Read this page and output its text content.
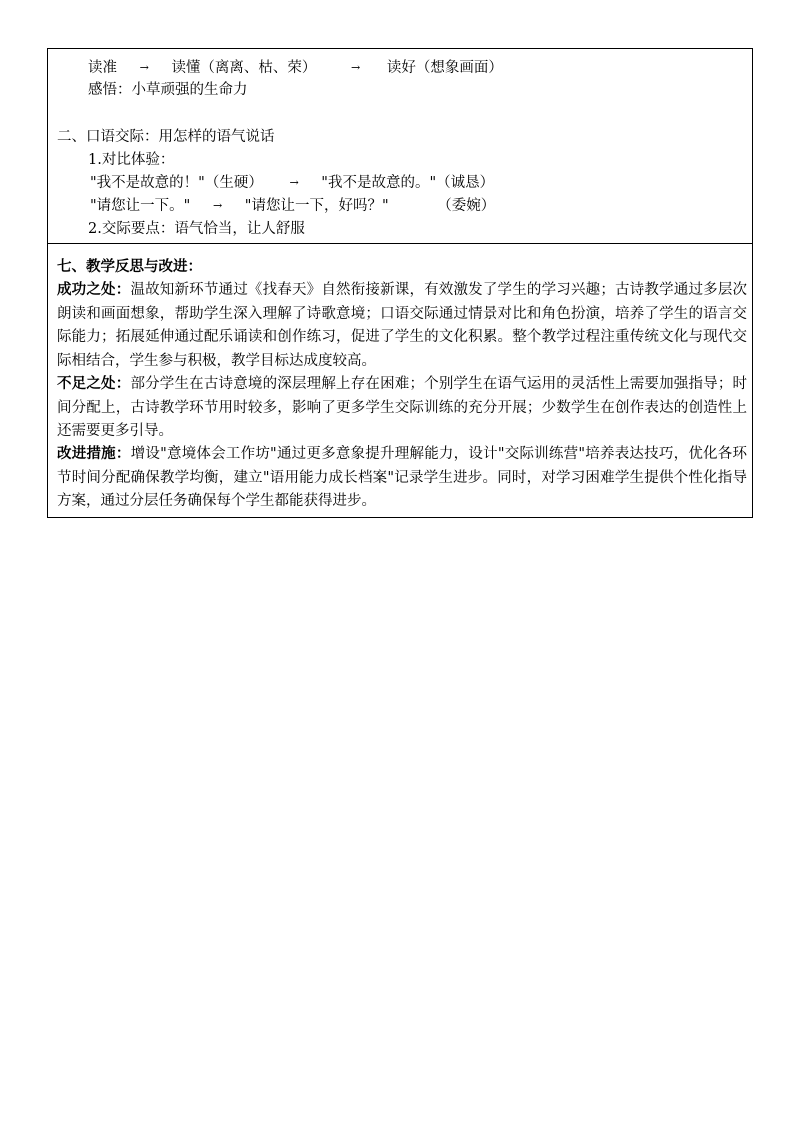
读准 → 读懂（离离、枯、荣）	→ 读好（想象画面）
感悟：小草顽强的生命力
二、口语交际：用怎样的语气说话
1.对比体验：
"我不是故意的！"（生硬） → "我不是故意的。"（诚恳）
"请您让一下。" → "请您让一下，好吗？"	（委婉）
2.交际要点：语气恰当，让人舒服
七、教学反思与改进：
成功之处：温故知新环节通过《找春天》自然衔接新课，有效激发了学生的学习兴趣；古诗教学通过多层次朗读和画面想象，帮助学生深入理解了诗歌意境；口语交际通过情景对比和角色扮演，培养了学生的语言交际能力；拓展延伸通过配乐诵读和创作练习，促进了学生的文化积累。整个教学过程注重传统文化与现代交际相结合，学生参与积极，教学目标达成度较高。
不足之处：部分学生在古诗意境的深层理解上存在困难；个别学生在语气运用的灵活性上需要加强指导；时间分配上，古诗教学环节用时较多，影响了更多学生交际训练的充分开展；少数学生在创作表达的创造性上还需要更多引导。
改进措施：增设"意境体会工作坊"通过更多意象提升理解能力，设计"交际训练营"培养表达技巧，优化各环节时间分配确保教学均衡，建立"语用能力成长档案"记录学生进步。同时，对学习困难学生提供个性化指导方案，通过分层任务确保每个学生都能获得进步。
